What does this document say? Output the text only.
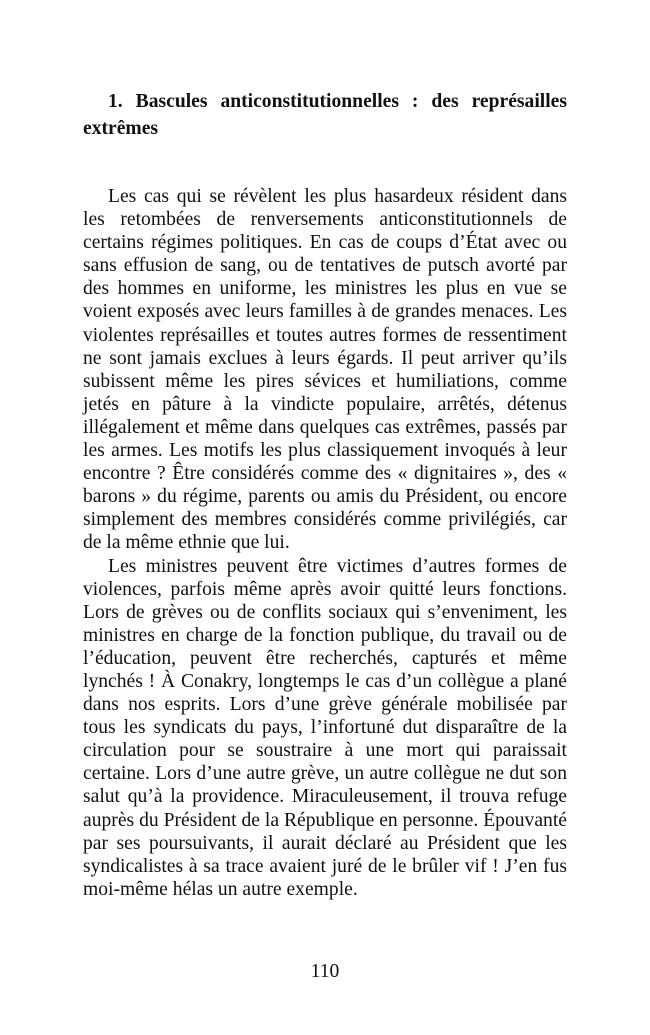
1. Bascules anticonstitutionnelles : des représailles extrêmes

Les cas qui se révèlent les plus hasardeux résident dans les retombées de renversements anticonstitutionnels de certains régimes politiques. En cas de coups d’État avec ou sans effusion de sang, ou de tentatives de putsch avorté par des hommes en uniforme, les ministres les plus en vue se voient exposés avec leurs familles à de grandes menaces. Les violentes représailles et toutes autres formes de ressentiment ne sont jamais exclues à leurs égards. Il peut arriver qu’ils subissent même les pires sévices et humiliations, comme jetés en pâture à la vindicte populaire, arrêtés, détenus illégalement et même dans quelques cas extrêmes, passés par les armes. Les motifs les plus classiquement invoqués à leur encontre ? Être considérés comme des « dignitaires », des « barons » du régime, parents ou amis du Président, ou encore simplement des membres considérés comme privilégiés, car de la même ethnie que lui.

Les ministres peuvent être victimes d’autres formes de violences, parfois même après avoir quitté leurs fonctions. Lors de grèves ou de conflits sociaux qui s’enveniment, les ministres en charge de la fonction publique, du travail ou de l’éducation, peuvent être recherchés, capturés et même lynchés ! À Conakry, longtemps le cas d’un collègue a plané dans nos esprits. Lors d’une grève générale mobilisée par tous les syndicats du pays, l’infortuné dut disparaître de la circulation pour se soustraire à une mort qui paraissait certaine. Lors d’une autre grève, un autre collègue ne dut son salut qu’à la providence. Miraculeusement, il trouva refuge auprès du Président de la République en personne. Épouvanté par ses poursuivants, il aurait déclaré au Président que les syndicalistes à sa trace avaient juré de le brûler vif ! J’en fus moi-même hélas un autre exemple.

110
